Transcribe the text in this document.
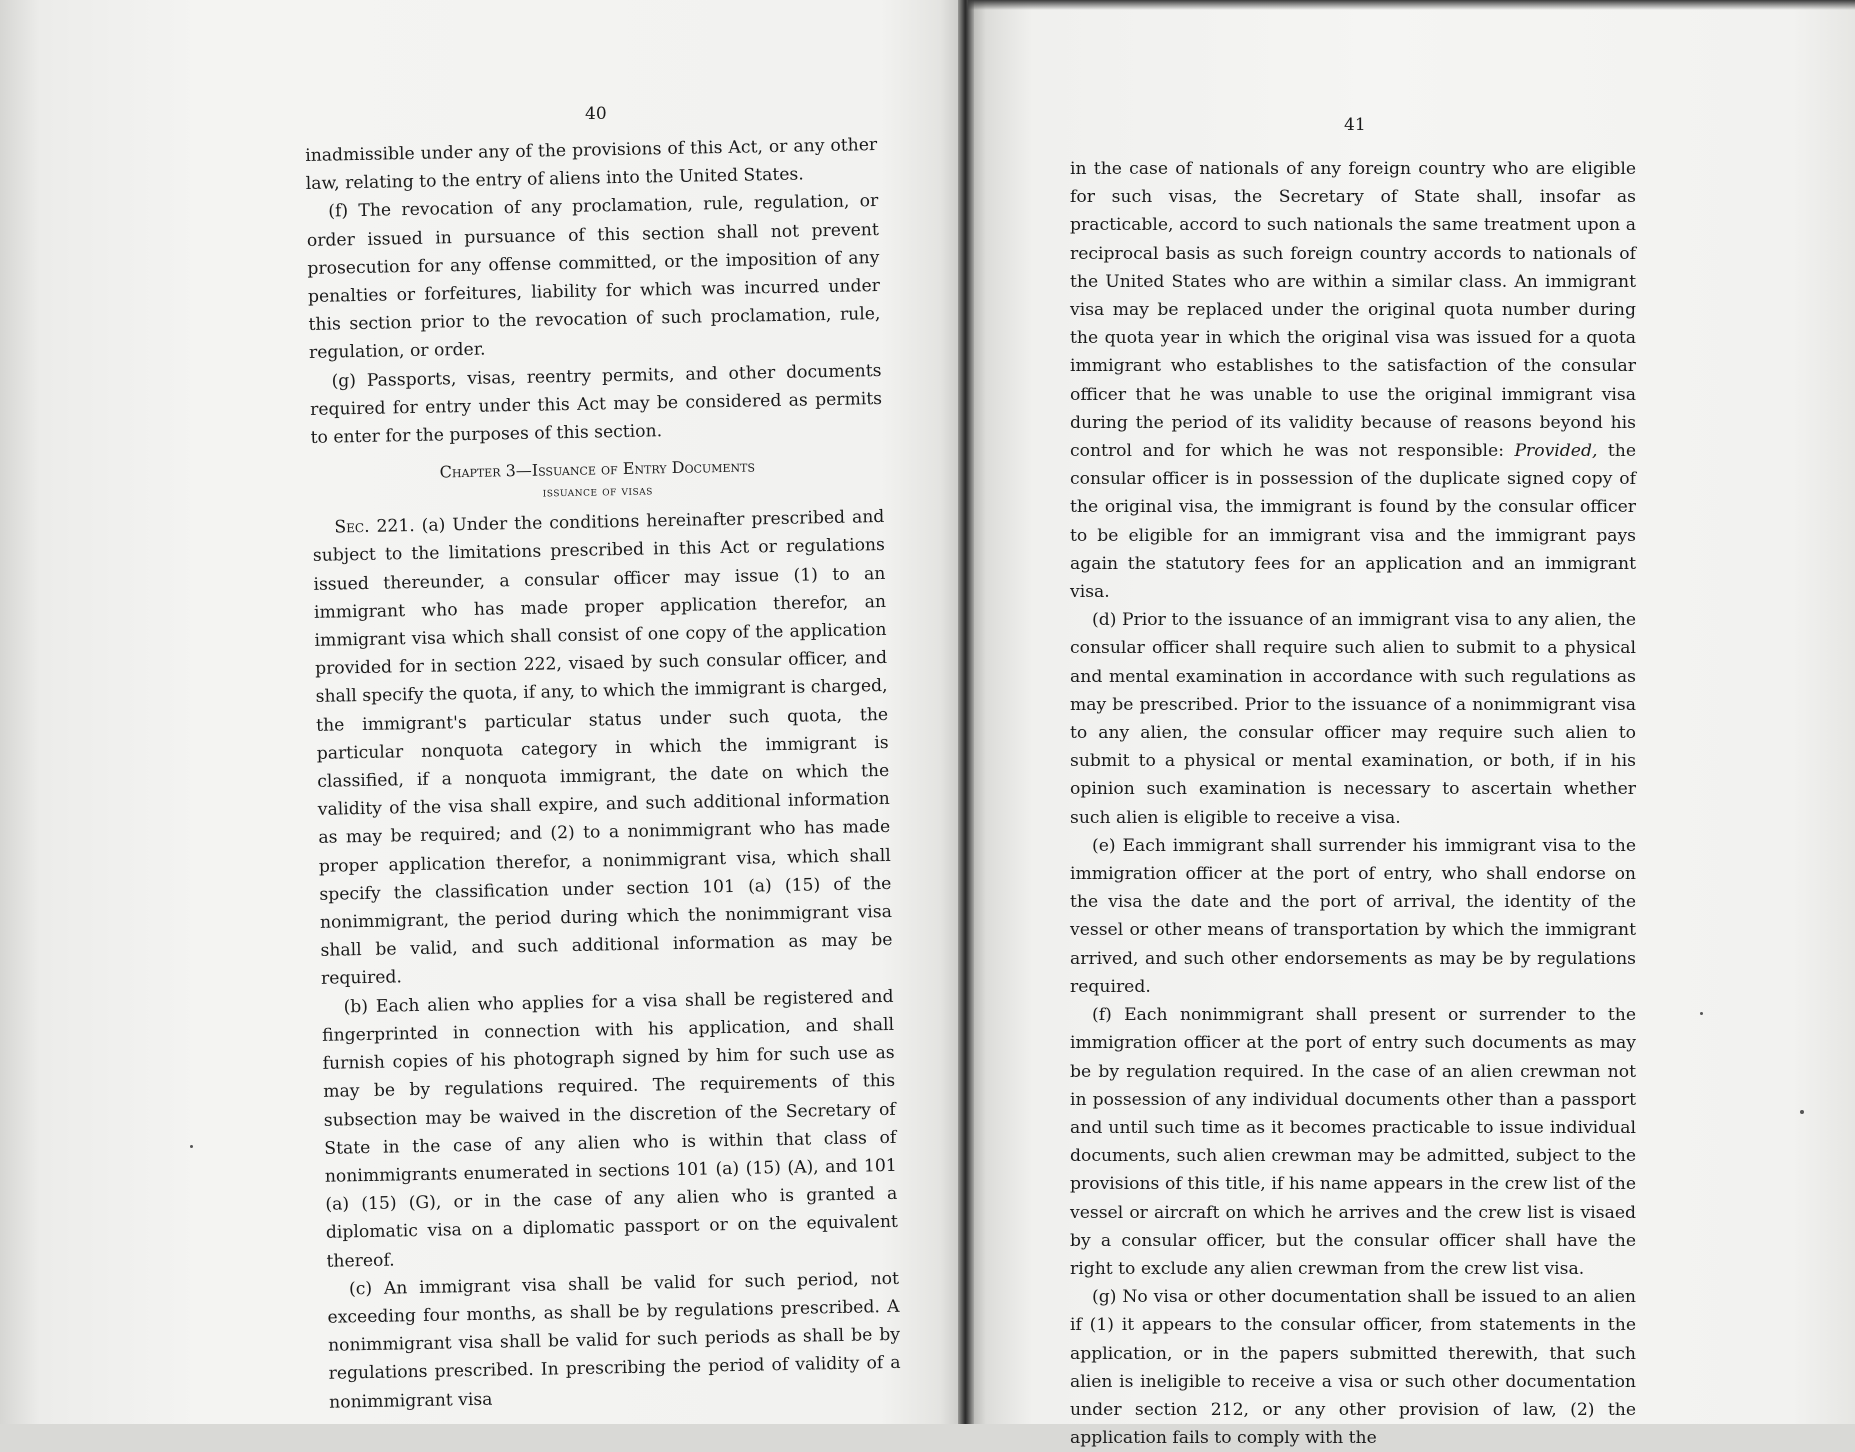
40

inadmissible under any of the provisions of this Act, or any other law, relating to the entry of aliens into the United States.

(f) The revocation of any proclamation, rule, regulation, or order issued in pursuance of this section shall not prevent prosecution for any offense committed, or the imposition of any penalties or forfeitures, liability for which was incurred under this section prior to the revocation of such proclamation, rule, regulation, or order.

(g) Passports, visas, reentry permits, and other documents required for entry under this Act may be considered as permits to enter for the purposes of this section.

Chapter 3—Issuance of Entry Documents
issuance of visas

Sec. 221. (a) Under the conditions hereinafter prescribed and subject to the limitations prescribed in this Act or regulations issued thereunder, a consular officer may issue (1) to an immigrant who has made proper application therefor, an immigrant visa which shall consist of one copy of the application provided for in section 222, visaed by such consular officer, and shall specify the quota, if any, to which the immigrant is charged, the immigrant's particular status under such quota, the particular nonquota category in which the immigrant is classified, if a nonquota immigrant, the date on which the validity of the visa shall expire, and such additional information as may be required; and (2) to a nonimmigrant who has made proper application therefor, a nonimmigrant visa, which shall specify the classification under section 101 (a) (15) of the nonimmigrant, the period during which the nonimmigrant visa shall be valid, and such additional information as may be required.

(b) Each alien who applies for a visa shall be registered and fingerprinted in connection with his application, and shall furnish copies of his photograph signed by him for such use as may be by regulations required. The requirements of this subsection may be waived in the discretion of the Secretary of State in the case of any alien who is within that class of nonimmigrants enumerated in sections 101 (a) (15) (A), and 101 (a) (15) (G), or in the case of any alien who is granted a diplomatic visa on a diplomatic passport or on the equivalent thereof.

(c) An immigrant visa shall be valid for such period, not exceeding four months, as shall be by regulations prescribed. A nonimmigrant visa shall be valid for such periods as shall be by regulations prescribed. In prescribing the period of validity of a nonimmigrant visa

41

in the case of nationals of any foreign country who are eligible for such visas, the Secretary of State shall, insofar as practicable, accord to such nationals the same treatment upon a reciprocal basis as such foreign country accords to nationals of the United States who are within a similar class. An immigrant visa may be replaced under the original quota number during the quota year in which the original visa was issued for a quota immigrant who establishes to the satisfaction of the consular officer that he was unable to use the original immigrant visa during the period of its validity because of reasons beyond his control and for which he was not responsible: Provided, the consular officer is in possession of the duplicate signed copy of the original visa, the immigrant is found by the consular officer to be eligible for an immigrant visa and the immigrant pays again the statutory fees for an application and an immigrant visa.

(d) Prior to the issuance of an immigrant visa to any alien, the consular officer shall require such alien to submit to a physical and mental examination in accordance with such regulations as may be prescribed. Prior to the issuance of a nonimmigrant visa to any alien, the consular officer may require such alien to submit to a physical or mental examination, or both, if in his opinion such examination is necessary to ascertain whether such alien is eligible to receive a visa.

(e) Each immigrant shall surrender his immigrant visa to the immigration officer at the port of entry, who shall endorse on the visa the date and the port of arrival, the identity of the vessel or other means of transportation by which the immigrant arrived, and such other endorsements as may be by regulations required.

(f) Each nonimmigrant shall present or surrender to the immigration officer at the port of entry such documents as may be by regulation required. In the case of an alien crewman not in possession of any individual documents other than a passport and until such time as it becomes practicable to issue individual documents, such alien crewman may be admitted, subject to the provisions of this title, if his name appears in the crew list of the vessel or aircraft on which he arrives and the crew list is visaed by a consular officer, but the consular officer shall have the right to exclude any alien crewman from the crew list visa.

(g) No visa or other documentation shall be issued to an alien if (1) it appears to the consular officer, from statements in the application, or in the papers submitted therewith, that such alien is ineligible to receive a visa or such other documentation under section 212, or any other provision of law, (2) the application fails to comply with the
